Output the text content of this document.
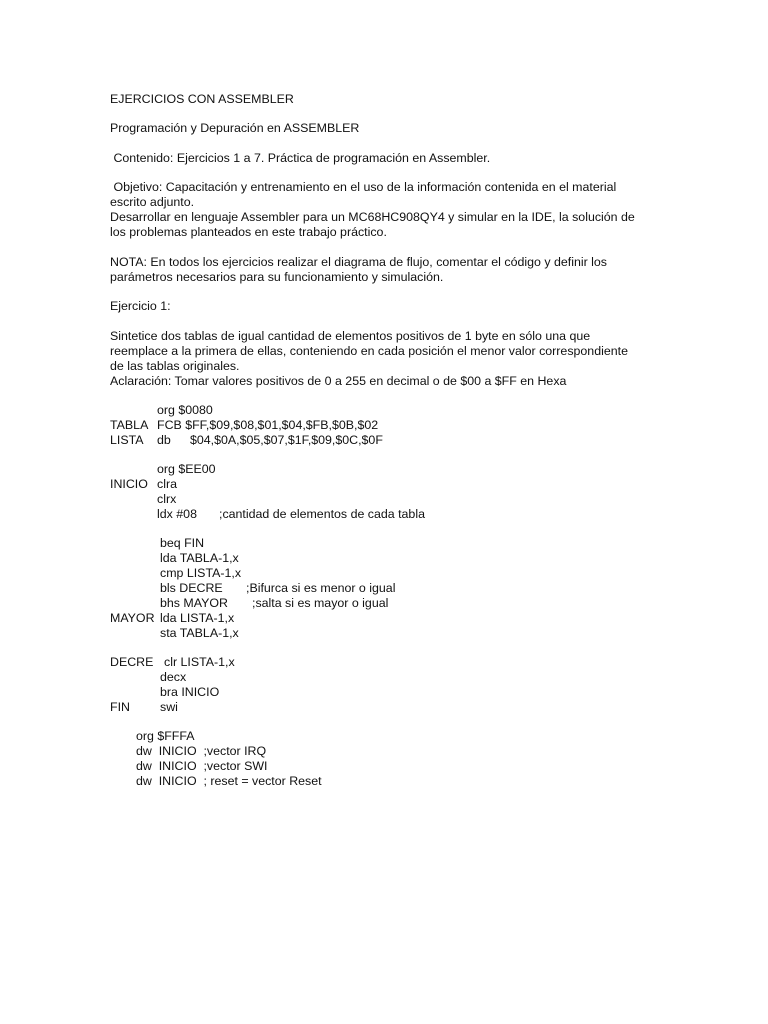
EJERCICIOS CON ASSEMBLER
Programación y Depuración en ASSEMBLER
Contenido: Ejercicios 1 a 7. Práctica de programación en Assembler.
Objetivo: Capacitación y entrenamiento en el uso de la información contenida en el material
escrito adjunto.
Desarrollar en lenguaje Assembler para un MC68HC908QY4 y simular en la IDE, la solución de
los problemas planteados en este trabajo práctico.
NOTA: En todos los ejercicios realizar el diagrama de flujo, comentar el código y definir los
parámetros necesarios para su funcionamiento y simulación.
Ejercicio 1:
Sintetice dos tablas de igual cantidad de elementos positivos de 1 byte en sólo una que
reemplace a la primera de ellas, conteniendo en cada posición el menor valor correspondiente
de las tablas originales.
Aclaración: Tomar valores positivos de 0 a 255 en decimal o de $00 a $FF en Hexa
org $0080
TABLA FCB $FF,$09,$08,$01,$04,$FB,$0B,$02
LISTA db $04,$0A,$05,$07,$1F,$09,$0C,$0F
org $EE00
INICIO clra
clrx
ldx #08 ;cantidad de elementos de cada tabla
beq FIN
lda TABLA-1,x
cmp LISTA-1,x
bls DECRE ;Bifurca si es menor o igual
bhs MAYOR ;salta si es mayor o igual
MAYOR lda LISTA-1,x
sta TABLA-1,x
DECRE clr LISTA-1,x
decx
bra INICIO
FIN swi
org $FFFA
dw  INICIO  ;vector IRQ
dw  INICIO  ;vector SWI
dw  INICIO  ; reset = vector Reset
